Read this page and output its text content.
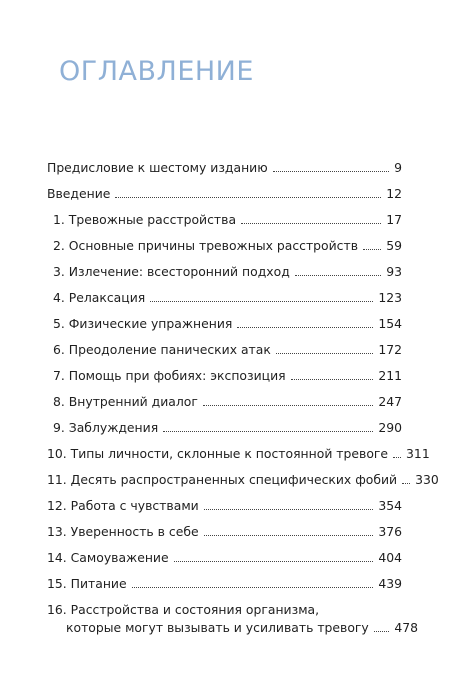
ОГЛАВЛЕНИЕ
Предисловие к шестому изданию	9
Введение	12
1. Тревожные расстройства	17
2. Основные причины тревожных расстройств 59
3. Излечение: всесторонний подход	93
4. Релаксация	123
5. Физические упражнения	154
6. Преодоление панических атак	172
7. Помощь при фобиях: экспозиция	211
8. Внутренний диалог	247
9. Заблуждения	290
10. Типы личности, склонные к постоянной тревоге 311
11. Десять распространенных специфических фобий 330
12. Работа с чувствами	354
13. Уверенность в себе	376
14. Самоуважение	404
15. Питание	439
16. Расстройства и состояния организма,
которые могут вызывать и усиливать тревогу 478
